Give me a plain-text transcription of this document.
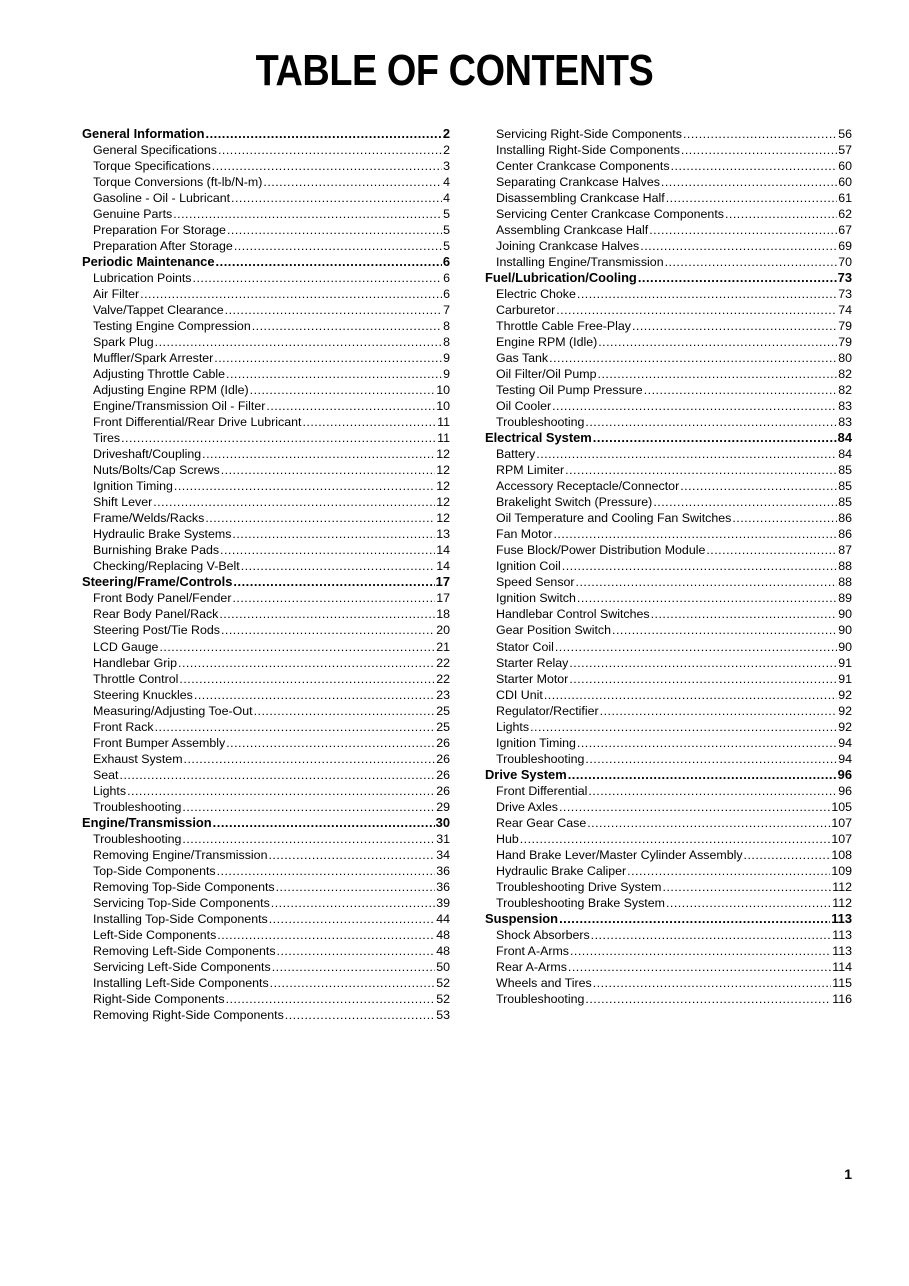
TABLE OF CONTENTS
General Information .....	2
General Specifications .....	2
Torque Specifications .....	3
Torque Conversions (ft-lb/N-m) .....	4
Gasoline - Oil - Lubricant .....	4
Genuine Parts .....	5
Preparation For Storage .....	5
Preparation After Storage .....	5
Periodic Maintenance .....	6
Lubrication Points .....	6
Air Filter .....	6
Valve/Tappet Clearance .....	7
Testing Engine Compression .....	8
Spark Plug .....	8
Muffler/Spark Arrester .....	9
Adjusting Throttle Cable .....	9
Adjusting Engine RPM (Idle) .....	10
Engine/Transmission Oil - Filter .....	10
Front Differential/Rear Drive Lubricant .....	11
Tires .....	11
Driveshaft/Coupling .....	12
Nuts/Bolts/Cap Screws .....	12
Ignition Timing .....	12
Shift Lever .....	12
Frame/Welds/Racks .....	12
Hydraulic Brake Systems .....	13
Burnishing Brake Pads .....	14
Checking/Replacing V-Belt .....	14
Steering/Frame/Controls .....	17
Front Body Panel/Fender .....	17
Rear Body Panel/Rack .....	18
Steering Post/Tie Rods .....	20
LCD Gauge .....	21
Handlebar Grip .....	22
Throttle Control .....	22
Steering Knuckles .....	23
Measuring/Adjusting Toe-Out .....	25
Front Rack .....	25
Front Bumper Assembly .....	26
Exhaust System .....	26
Seat .....	26
Lights .....	26
Troubleshooting .....	29
Engine/Transmission .....	30
Troubleshooting .....	31
Removing Engine/Transmission .....	34
Top-Side Components .....	36
Removing Top-Side Components .....	36
Servicing Top-Side Components .....	39
Installing Top-Side Components .....	44
Left-Side Components .....	48
Removing Left-Side Components .....	48
Servicing Left-Side Components .....	50
Installing Left-Side Components .....	52
Right-Side Components .....	52
Removing Right-Side Components .....	53
Servicing Right-Side Components .....	56
Installing Right-Side Components .....	57
Center Crankcase Components .....	60
Separating Crankcase Halves .....	60
Disassembling Crankcase Half .....	61
Servicing Center Crankcase Components .....	62
Assembling Crankcase Half .....	67
Joining Crankcase Halves .....	69
Installing Engine/Transmission .....	70
Fuel/Lubrication/Cooling .....	73
Electric Choke .....	73
Carburetor .....	74
Throttle Cable Free-Play .....	79
Engine RPM (Idle) .....	79
Gas Tank .....	80
Oil Filter/Oil Pump .....	82
Testing Oil Pump Pressure .....	82
Oil Cooler .....	83
Troubleshooting .....	83
Electrical System .....	84
Battery .....	84
RPM Limiter .....	85
Accessory Receptacle/Connector .....	85
Brakelight Switch (Pressure) .....	85
Oil Temperature and Cooling Fan Switches .....	86
Fan Motor .....	86
Fuse Block/Power Distribution Module .....	87
Ignition Coil .....	88
Speed Sensor .....	88
Ignition Switch .....	89
Handlebar Control Switches .....	90
Gear Position Switch .....	90
Stator Coil .....	90
Starter Relay .....	91
Starter Motor .....	91
CDI Unit .....	92
Regulator/Rectifier .....	92
Lights .....	92
Ignition Timing .....	94
Troubleshooting .....	94
Drive System .....	96
Front Differential .....	96
Drive Axles .....	105
Rear Gear Case .....	107
Hub .....	107
Hand Brake Lever/Master Cylinder Assembly .....	108
Hydraulic Brake Caliper .....	109
Troubleshooting Drive System .....	112
Troubleshooting Brake System .....	112
Suspension .....	113
Shock Absorbers .....	113
Front A-Arms .....	113
Rear A-Arms .....	114
Wheels and Tires .....	115
Troubleshooting .....	116
1
